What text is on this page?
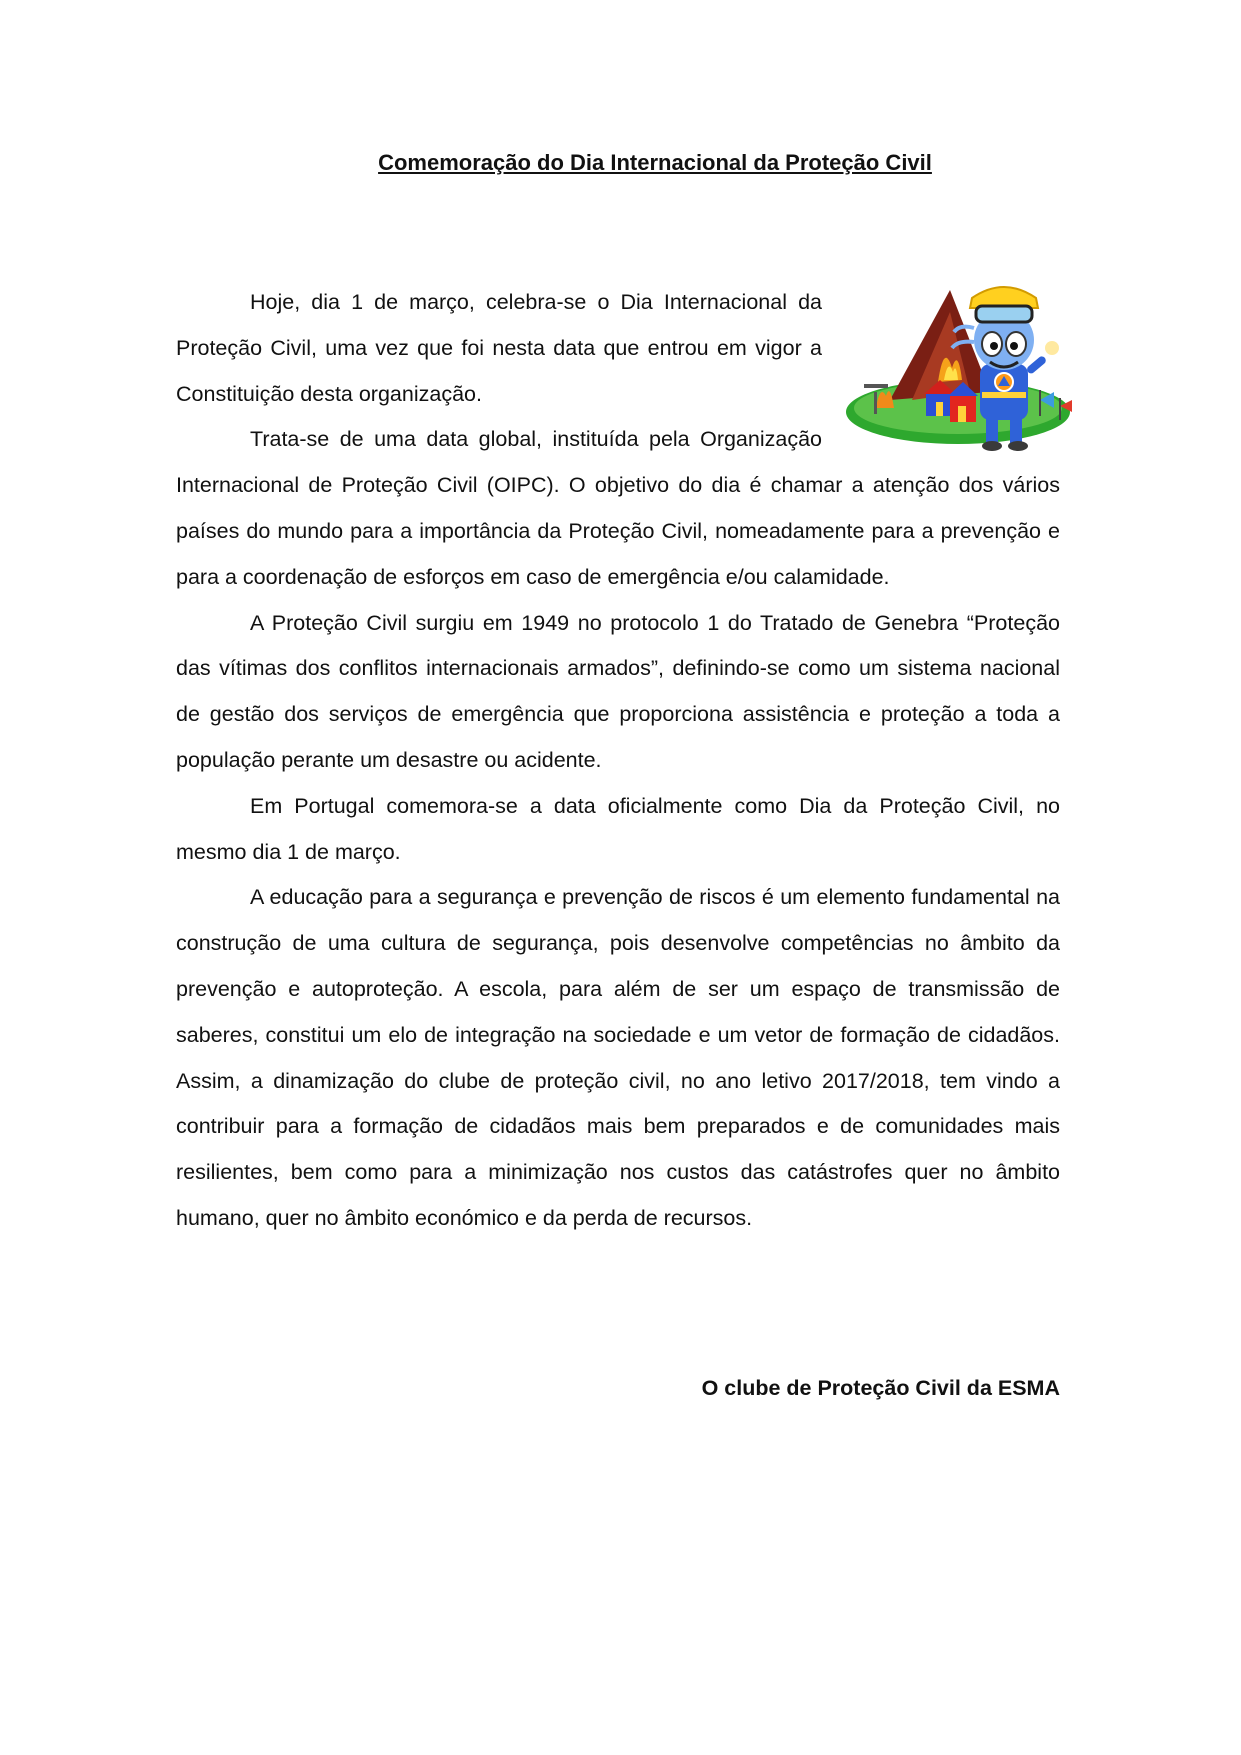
Comemoração do Dia Internacional da Proteção Civil

Hoje, dia 1 de março, celebra-se o Dia Internacional da Proteção Civil, uma vez que foi nesta data que entrou em vigor a Constituição desta organização.

Trata-se de uma data global, instituída pela Organização Internacional de Proteção Civil (OIPC). O objetivo do dia é chamar a atenção dos vários países do mundo para a importância da Proteção Civil, nomeadamente para a prevenção e para a coordenação de esforços em caso de emergência e/ou calamidade.

A Proteção Civil surgiu em 1949 no protocolo 1 do Tratado de Genebra “Proteção das vítimas dos conflitos internacionais armados”, definindo-se como um sistema nacional de gestão dos serviços de emergência que proporciona assistência e proteção a toda a população perante um desastre ou acidente.

Em Portugal comemora-se a data oficialmente como Dia da Proteção Civil, no mesmo dia 1 de março.

A educação para a segurança e prevenção de riscos é um elemento fundamental na construção de uma cultura de segurança, pois desenvolve competências no âmbito da prevenção e autoproteção. A escola, para além de ser um espaço de transmissão de saberes, constitui um elo de integração na sociedade e um vetor de formação de cidadãos. Assim, a dinamização do clube de proteção civil, no ano letivo 2017/2018, tem vindo a contribuir para a formação de cidadãos mais bem preparados e de comunidades mais resilientes, bem como para a minimização nos custos das catástrofes quer no âmbito humano, quer no âmbito económico e da perda de recursos.

O clube de Proteção Civil da ESMA
